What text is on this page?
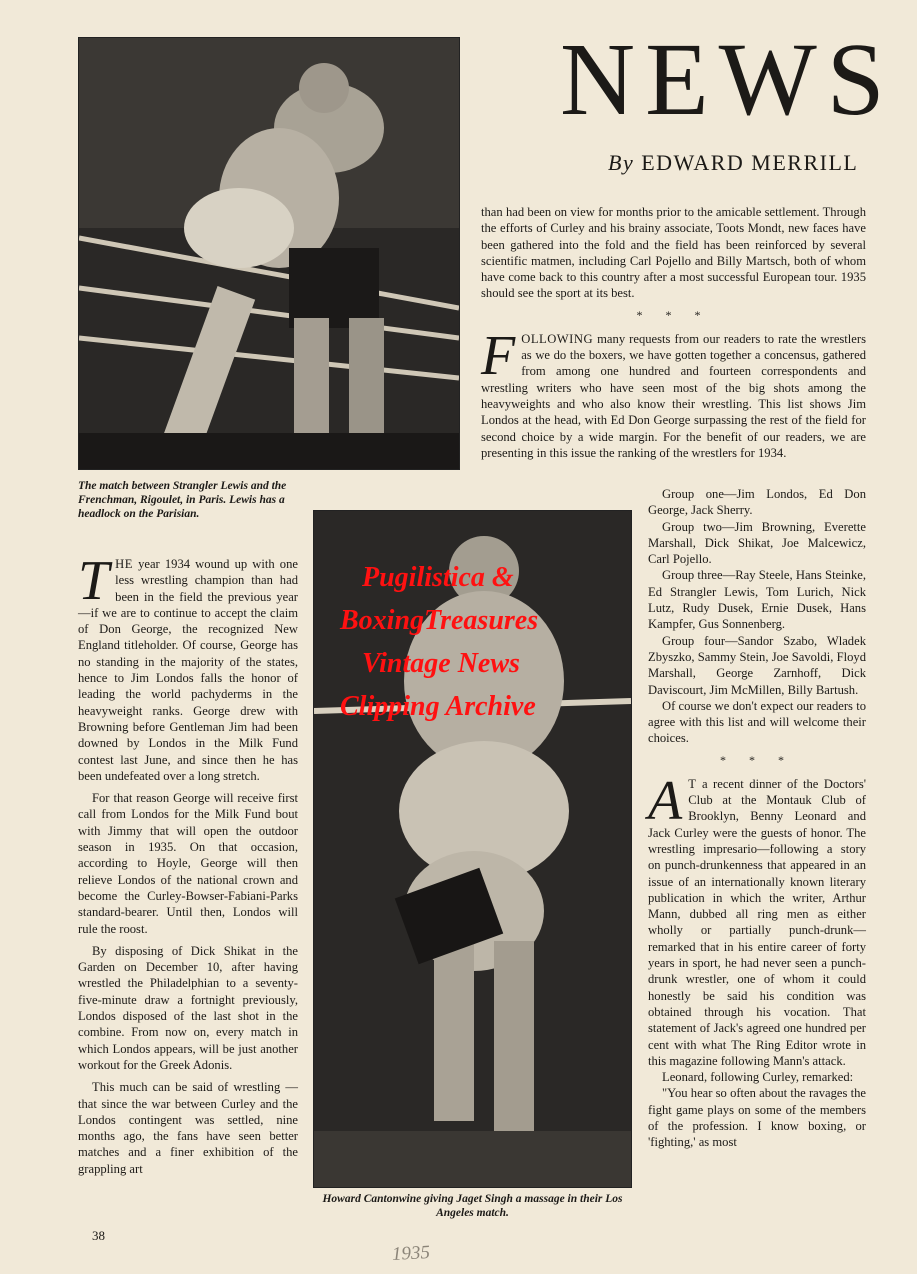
The match between Strangler Lewis and the Frenchman, Rigoulet, in Paris. Lewis has a headlock on the Parisian.
NEWS
By EDWARD MERRILL

T HE year 1934 wound up with one less wrestling champion than had been in the field the previous year —if we are to continue to accept the claim of Don George, the recognized New England titleholder. Of course, George has no standing in the majority of the states, hence to Jim Londos falls the honor of leading the world pachyderms in the heavyweight ranks. George drew with Browning before Gentleman Jim had been downed by Londos in the Milk Fund contest last June, and since then he has been undefeated over a long stretch.

For that reason George will receive first call from Londos for the Milk Fund bout with Jimmy that will open the outdoor season in 1935. On that occasion, according to Hoyle, George will then relieve Londos of the national crown and become the Curley-Bowser-Fabiani-Parks standard-bearer. Until then, Londos will rule the roost.

By disposing of Dick Shikat in the Garden on December 10, after having wrestled the Philadelphian to a seventy-five-minute draw a fortnight previously, Londos disposed of the last shot in the combine. From now on, every match in which Londos appears, will be just another workout for the Greek Adonis.

This much can be said of wrestling —that since the war between Curley and the Londos contingent was settled, nine months ago, the fans have seen better matches and a finer exhibition of the grappling art

Pugilistica &
BoxingTreasures
Vintage News
Clipping Archive
Howard Cantonwine giving Jaget Singh a massage in their Los Angeles match.

than had been on view for months prior to the amicable settlement. Through the efforts of Curley and his brainy associate, Toots Mondt, new faces have been gathered into the fold and the field has been reinforced by several scientific matmen, including Carl Pojello and Billy Martsch, both of whom have come back to this country after a most successful European tour. 1935 should see the sport at its best.

* * *

F OLLOWING many requests from our readers to rate the wrestlers as we do the boxers, we have gotten together a concensus, gathered from among one hundred and fourteen correspondents and wrestling writers who have seen most of the big shots among the heavyweights and who also know their wrestling. This list shows Jim Londos at the head, with Ed Don George surpassing the rest of the field for second choice by a wide margin. For the benefit of our readers, we are presenting in this issue the ranking of the wrestlers for 1934.

Group one—Jim Londos, Ed Don George, Jack Sherry.

Group two—Jim Browning, Everette Marshall, Dick Shikat, Joe Malcewicz, Carl Pojello.

Group three—Ray Steele, Hans Steinke, Ed Strangler Lewis, Tom Lurich, Nick Lutz, Rudy Dusek, Ernie Dusek, Hans Kampfer, Gus Sonnenberg.

Group four—Sandor Szabo, Wladek Zbyszko, Sammy Stein, Joe Savoldi, Floyd Marshall, George Zarnhoff, Dick Daviscourt, Jim McMillen, Billy Bartush.

Of course we don't expect our readers to agree with this list and will welcome their choices.

* * *

A T a recent dinner of the Doctors' Club at the Montauk Club of Brooklyn, Benny Leonard and Jack Curley were the guests of honor. The wrestling impresario—following a story on punch-drunkenness that appeared in an issue of an internationally known literary publication in which the writer, Arthur Mann, dubbed all ring men as either wholly or partially punch-drunk—remarked that in his entire career of forty years in sport, he had never seen a punch-drunk wrestler, one of whom it could honestly be said his condition was obtained through his vocation. That statement of Jack's agreed one hundred per cent with what The Ring Editor wrote in this magazine following Mann's attack.

Leonard, following Curley, remarked:

"You hear so often about the ravages the fight game plays on some of the members of the profession. I know boxing, or 'fighting,' as most

38
1935
